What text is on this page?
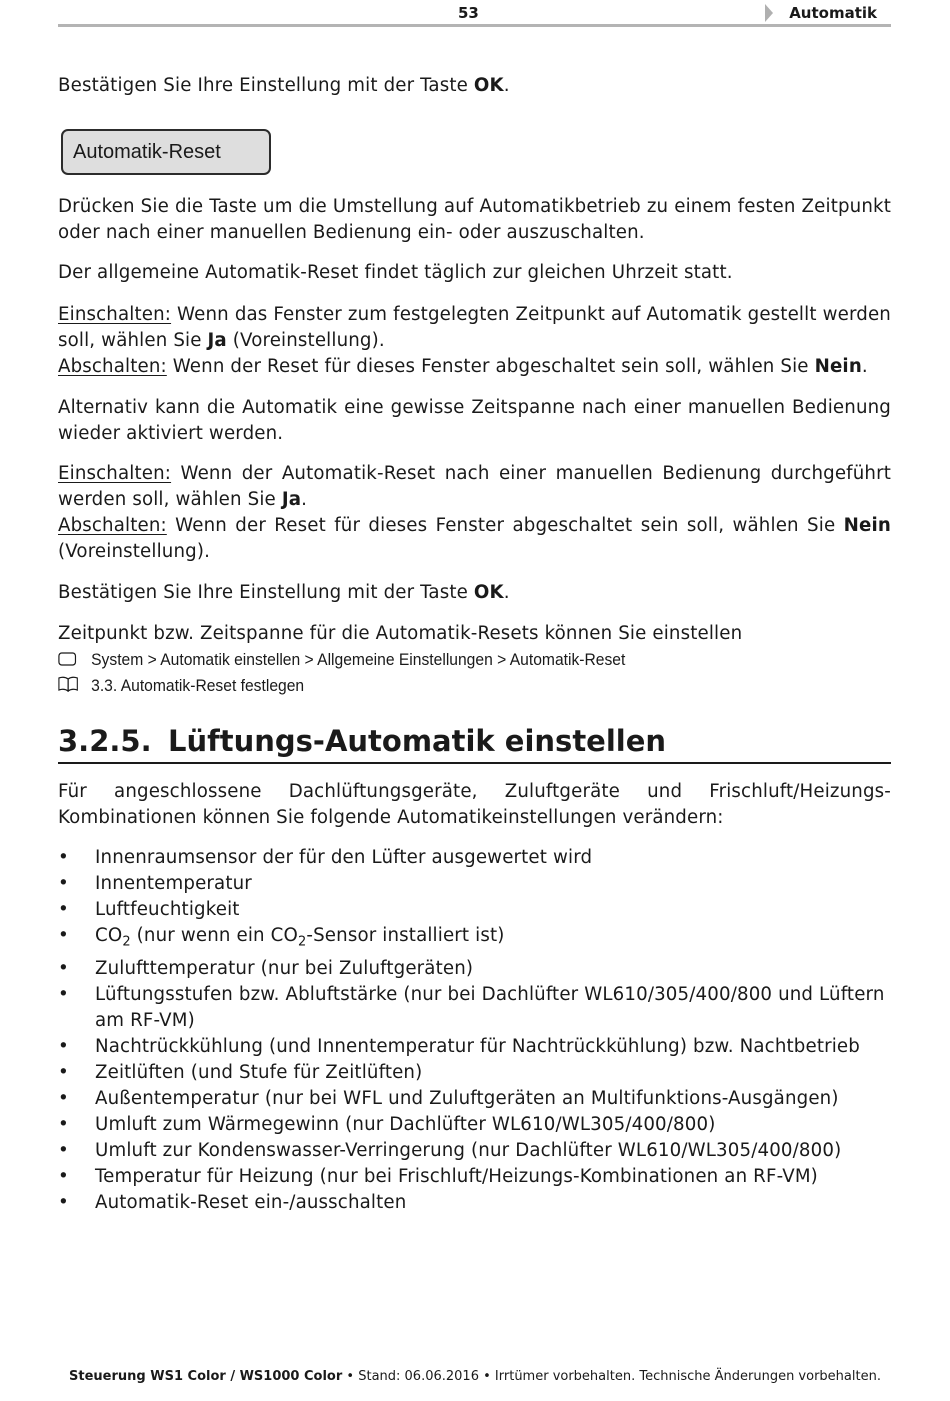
53	Automatik

Bestätigen Sie Ihre Einstellung mit der Taste OK.

Automatik-Reset

Drücken Sie die Taste um die Umstellung auf Automatikbetrieb zu einem festen Zeitpunkt oder nach einer manuellen Bedienung ein- oder auszuschalten.

Der allgemeine Automatik-Reset findet täglich zur gleichen Uhrzeit statt.

Einschalten: Wenn das Fenster zum festgelegten Zeitpunkt auf Automatik gestellt werden soll, wählen Sie Ja (Voreinstellung).
Abschalten: Wenn der Reset für dieses Fenster abgeschaltet sein soll, wählen Sie Nein.

Alternativ kann die Automatik eine gewisse Zeitspanne nach einer manuellen Bedienung wieder aktiviert werden.

Einschalten: Wenn der Automatik-Reset nach einer manuellen Bedienung durchgeführt werden soll, wählen Sie Ja.
Abschalten: Wenn der Reset für dieses Fenster abgeschaltet sein soll, wählen Sie Nein (Voreinstellung).

Bestätigen Sie Ihre Einstellung mit der Taste OK.

Zeitpunkt bzw. Zeitspanne für die Automatik-Resets können Sie einstellen

System > Automatik einstellen > Allgemeine Einstellungen > Automatik-Reset
3.3. Automatik-Reset festlegen
3.2.5. Lüftungs-Automatik einstellen

Für angeschlossene Dachlüftungsgeräte, Zuluftgeräte und Frischluft/Heizungs-Kombinationen können Sie folgende Automatikeinstellungen verändern:

• Innenraumsensor der für den Lüfter ausgewertet wird
• Innentemperatur
• Luftfeuchtigkeit
• $CO_2$ (nur wenn ein $CO_2$-Sensor installiert ist)
• Zulufttemperatur (nur bei Zuluftgeräten)
• Lüftungsstufen bzw. Abluftstärke (nur bei Dachlüfter WL610/305/400/800 und Lüftern am RF-VM)
• Nachtrückkühlung (und Innentemperatur für Nachtrückkühlung) bzw. Nachtbetrieb
• Zeitlüften (und Stufe für Zeitlüften)
• Außentemperatur (nur bei WFL und Zuluftgeräten an Multifunktions-Ausgängen)
• Umluft zum Wärmegewinn (nur Dachlüfter WL610/WL305/400/800)
• Umluft zur Kondenswasser-Verringerung (nur Dachlüfter WL610/WL305/400/800)
• Temperatur für Heizung (nur bei Frischluft/Heizungs-Kombinationen an RF-VM)
• Automatik-Reset ein-/ausschalten
Steuerung WS1 Color / WS1000 Color • Stand: 06.06.2016 • Irrtümer vorbehalten. Technische Änderungen vorbehalten.
